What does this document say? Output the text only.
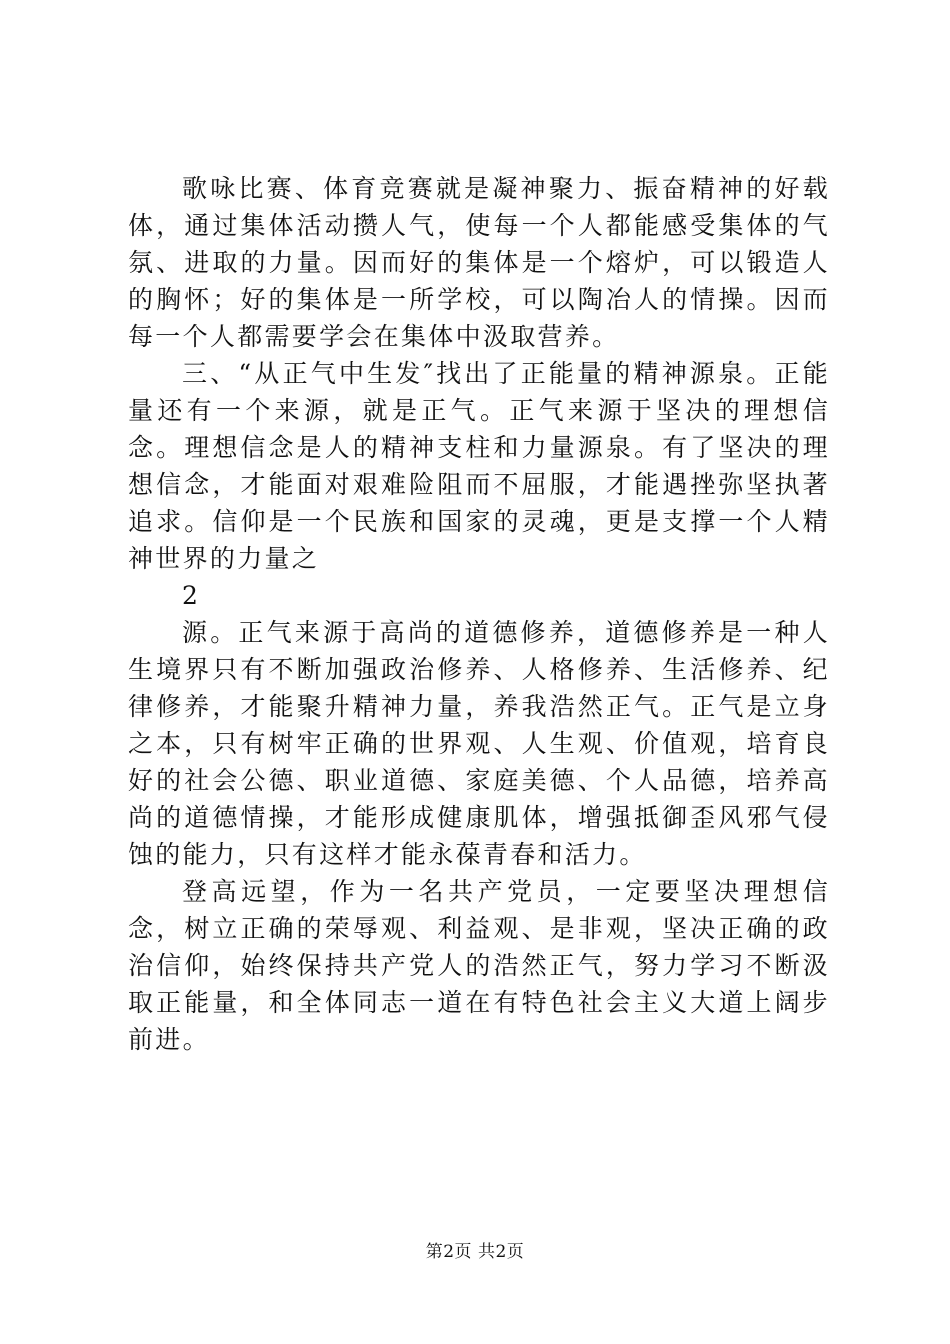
歌咏比赛、体育竞赛就是凝神聚力、振奋精神的好载体，通过集体活动攒人气，使每一个人都能感受集体的气氛、进取的力量。因而好的集体是一个熔炉，可以锻造人的胸怀；好的集体是一所学校，可以陶冶人的情操。因而每一个人都需要学会在集体中汲取营养。

三、“从正气中生发″找出了正能量的精神源泉。正能量还有一个来源，就是正气。正气来源于坚决的理想信念。理想信念是人的精神支柱和力量源泉。有了坚决的理想信念，才能面对艰难险阻而不屈服，才能遇挫弥坚执著追求。信仰是一个民族和国家的灵魂，更是支撑一个人精神世界的力量之

2

源。正气来源于高尚的道德修养，道德修养是一种人生境界只有不断加强政治修养、人格修养、生活修养、纪律修养，才能聚升精神力量，养我浩然正气。正气是立身之本，只有树牢正确的世界观、人生观、价值观，培育良好的社会公德、职业道德、家庭美德、个人品德，培养高尚的道德情操，才能形成健康肌体，增强抵御歪风邪气侵蚀的能力，只有这样才能永葆青春和活力。

登高远望，作为一名共产党员，一定要坚决理想信念，树立正确的荣辱观、利益观、是非观，坚决正确的政治信仰，始终保持共产党人的浩然正气，努力学习不断汲取正能量，和全体同志一道在有特色社会主义大道上阔步前进。

第2页 共2页
